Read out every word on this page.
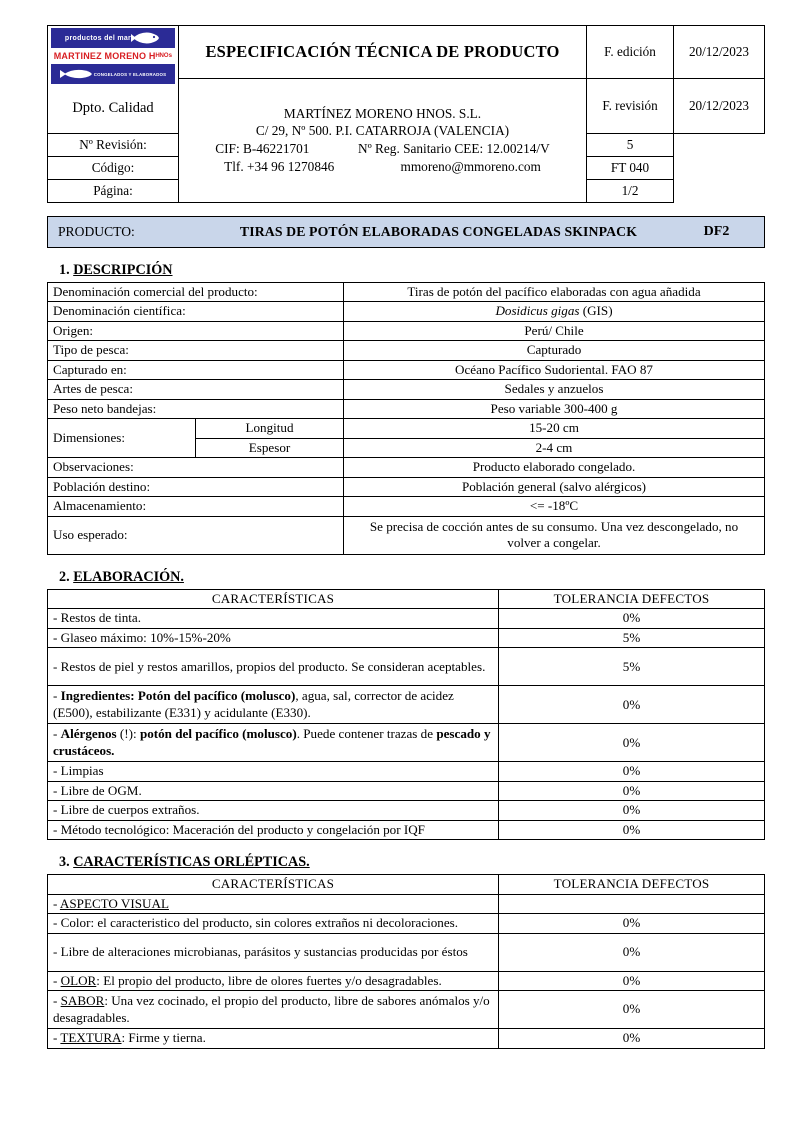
productos del mar
MARTINEZ MORENO Hᴴᴺᴼˢ
CONGELADOS Y ELABORADOS
Dpto. Calidad	ESPECIFICACIÓN TÉCNICA DE PRODUCTO	F. edición	20/12/2023

MARTÍNEZ MORENO HNOS. S.L.
C/ 29, Nº 500. P.I. CATARROJA (VALENCIA)
CIF: B-46221701	Nº Reg. Sanitario CEE: 12.00214/V
Tlf. +34 96 1270846	mmoreno@mmoreno.com
	F. revisión	20/12/2023
Nº Revisión:		5	
Código:		FT 040	
Página:		1/2	
PRODUCTO:	TIRAS DE POTÓN ELABORADAS CONGELADAS SKINPACK	DF2
1. DESCRIPCIÓN
Denominación comercial del producto:		Tiras de potón del pacífico elaboradas con agua añadida
Denominación científica:		Dosidicus gigas (GIS)
Origen:		Perú/ Chile
Tipo de pesca:		Capturado
Capturado en:		Océano Pacífico Sudoriental. FAO 87
Artes de pesca:		Sedales y anzuelos
Peso neto bandejas:		Peso variable 300-400 g
Dimensiones:	Longitud	15-20 cm
	Espesor	2-4 cm
Observaciones:		Producto elaborado congelado.
Población destino:		Población general (salvo alérgicos)
Almacenamiento:		<= -18ºC
Uso esperado:		Se precisa de cocción antes de su consumo. Una vez descongelado, no volver a congelar.
2. ELABORACIÓN.
CARACTERÍSTICAS	TOLERANCIA DEFECTOS
- Restos de tinta.	0%
- Glaseo máximo: 10%-15%-20%	5%
- Restos de piel y restos amarillos, propios del producto. Se consideran aceptables.	5%
- Ingredientes: Potón del pacífico (molusco), agua, sal, corrector de acidez (E500), estabilizante (E331) y acidulante (E330).	0%
- Alérgenos (!): potón del pacífico (molusco). Puede contener trazas de pescado y crustáceos.	0%
- Limpias	0%
- Libre de OGM.	0%
- Libre de cuerpos extraños.	0%
- Método tecnológico: Maceración del producto y congelación por IQF	0%
3. CARACTERÍSTICAS ORLÉPTICAS.
CARACTERÍSTICAS	TOLERANCIA DEFECTOS
- ASPECTO VISUAL	
- Color: el caracteristico del producto, sin colores extraños ni decoloraciones.	0%
- Libre de alteraciones microbianas, parásitos y sustancias producidas por éstos	0%
- OLOR: El propio del producto, libre de olores fuertes y/o desagradables.	0%
- SABOR: Una vez cocinado, el propio del producto, libre de sabores anómalos y/o desagradables.	0%
- TEXTURA: Firme y tierna.	0%
